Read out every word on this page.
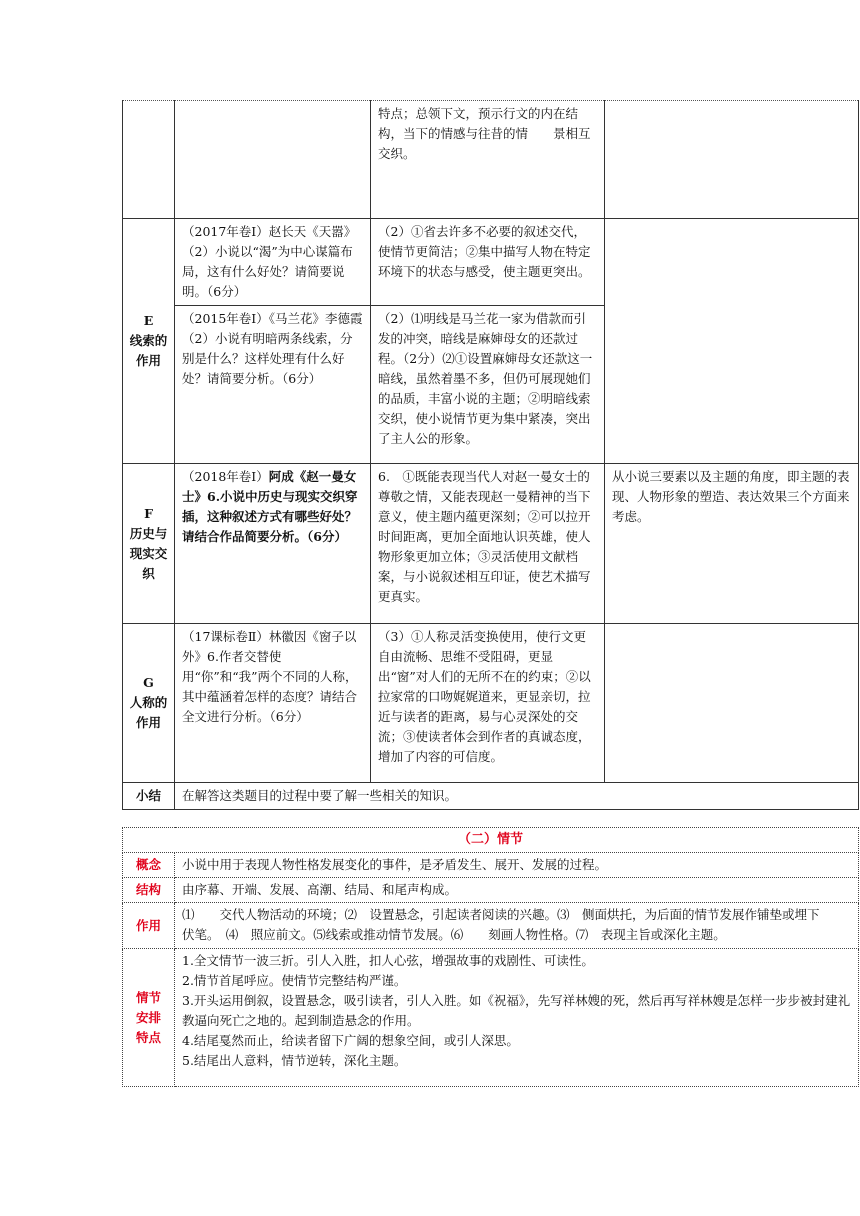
		特点；总领下文，预示行文的内在结构，当下的情感与往昔的情　　景相互交织。	

E
线索的
作用	（2017年卷Ⅰ）赵长天《天嚣》（2）小说以“渴”为中心谋篇布局，这有什么好处？请简要说明。（6分）	（2）①省去许多不必要的叙述交代，使情节更简洁；②集中描写人物在特定环境下的状态与感受，使主题更突出。	
	（2015年卷Ⅰ）《马兰花》李德霞（2）小说有明暗两条线索，分别是什么？这样处理有什么好处？请简要分析。（6分）	（2）⑴明线是马兰花一家为借款而引发的冲突，暗线是麻婶母女的还款过程。（2分）⑵①设置麻婶母女还款这一暗线，虽然着墨不多，但仍可展现她们的品质，丰富小说的主题；②明暗线索交织，使小说情节更为集中紧凑，突出了主人公的形象。	

F
历史与
现实交
织	（2018年卷Ⅰ）阿成《赵一曼女士》6.小说中历史与现实交织穿插，这种叙述方式有哪些好处？请结合作品简要分析。（6分）	6.　①既能表现当代人对赵一曼女士的尊敬之情，又能表现赵一曼精神的当下意义，使主题内蕴更深刻；②可以拉开时间距离，更加全面地认识英雄，使人物形象更加立体；③灵活使用文献档案，与小说叙述相互印证，使艺术描写更真实。	从小说三要素以及主题的角度，即主题的表现、人物形象的塑造、表达效果三个方面来考虑。

G
人称的
作用	（17课标卷Ⅱ）林徽因《窗子以外》6.作者交替使用“你”和“我”两个不同的人称，其中蕴涵着怎样的态度？请结合全文进行分析。（6分）	（3）①人称灵活变换使用，使行文更自由流畅、思维不受阻碍，更显出“窗”对人们的无所不在的约束；②以拉家常的口吻娓娓道来，更显亲切，拉近与读者的距离，易与心灵深处的交流；③使读者体会到作者的真诚态度，增加了内容的可信度。	
小结	在解答这类题目的过程中要了解一些相关的知识。		
（二）情节	
概念	小说中用于表现人物性格发展变化的事件，是矛盾发生、展开、发展的过程。
结构	由序幕、开端、发展、高潮、结局、和尾声构成。
作用	⑴　　交代人物活动的环境；⑵　设置悬念，引起读者阅读的兴趣。⑶　侧面烘托，为后面的情节发展作铺垫或埋下
伏笔。　⑷　照应前文。⑸线索或推动情节发展。⑹　　刻画人物性格。⑺　表现主旨或深化主题。

情节
安排
特点	1.全文情节一波三折。引人入胜，扣人心弦，增强故事的戏剧性、可读性。
2.情节首尾呼应。使情节完整结构严谨。
3.开头运用倒叙，设置悬念，吸引读者，引人入胜。如《祝福》，先写祥林嫂的死，然后再写祥林嫂是怎样一步步被封建礼教逼向死亡之地的。起到制造悬念的作用。
4.结尾戛然而止，给读者留下广阔的想象空间，或引人深思。
5.结尾出人意料，情节逆转，深化主题。
